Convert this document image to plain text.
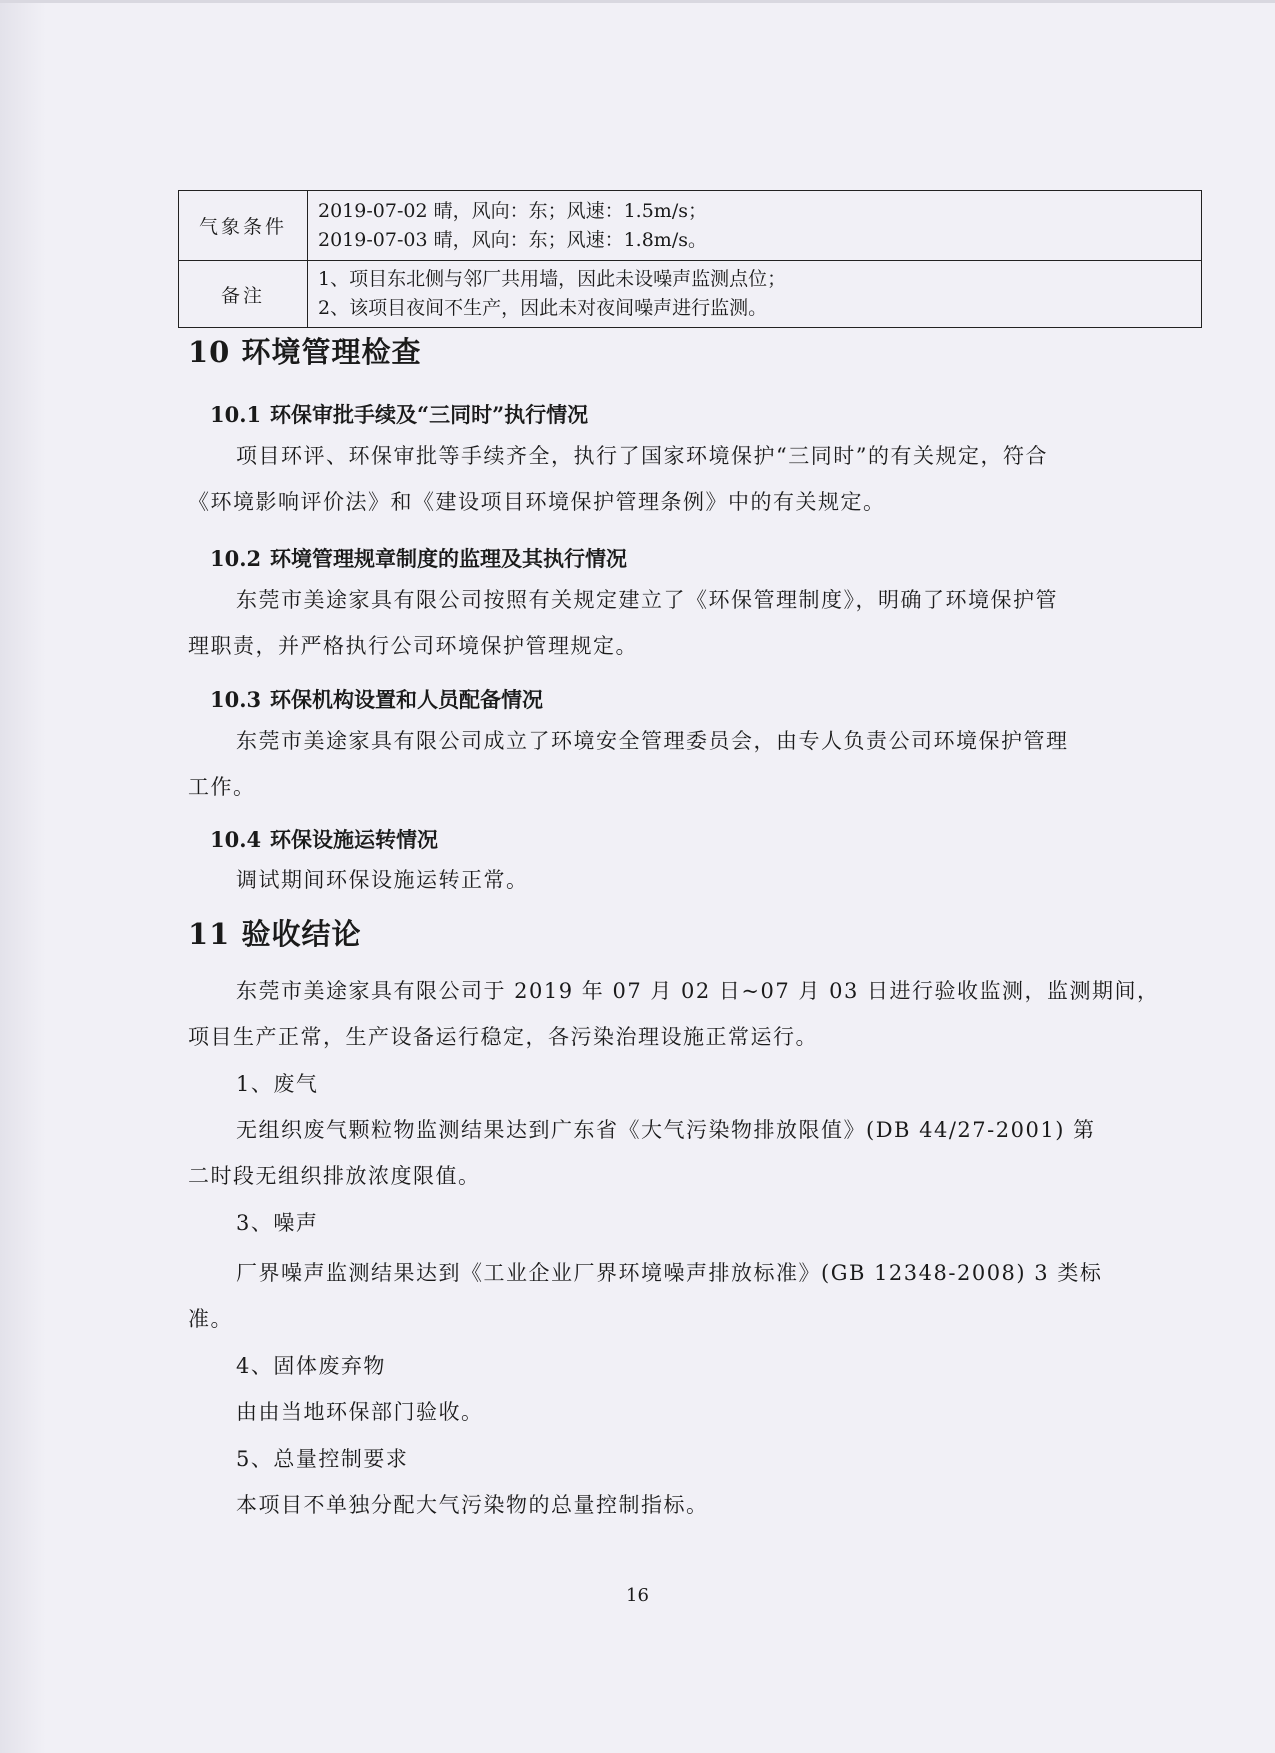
气象条件	2019-07-02 晴，风向：东；风速：1.5m/s；
2019-07-03 晴，风向：东；风速：1.8m/s。

备注	1、项目东北侧与邻厂共用墙，因此未设噪声监测点位；
2、该项目夜间不生产，因此未对夜间噪声进行监测。
10 环境管理检查
10.1 环保审批手续及“三同时”执行情况
项目环评、环保审批等手续齐全，执行了国家环境保护“三同时”的有关规定，符合
《环境影响评价法》和《建设项目环境保护管理条例》中的有关规定。
10.2 环境管理规章制度的监理及其执行情况
东莞市美途家具有限公司按照有关规定建立了《环保管理制度》，明确了环境保护管
理职责，并严格执行公司环境保护管理规定。
10.3 环保机构设置和人员配备情况
东莞市美途家具有限公司成立了环境安全管理委员会，由专人负责公司环境保护管理
工作。
10.4 环保设施运转情况
调试期间环保设施运转正常。
11 验收结论
东莞市美途家具有限公司于 2019 年 07 月 02 日~07 月 03 日进行验收监测，监测期间，
项目生产正常，生产设备运行稳定，各污染治理设施正常运行。
1、废气
无组织废气颗粒物监测结果达到广东省《大气污染物排放限值》(DB 44/27-2001) 第
二时段无组织排放浓度限值。
3、噪声
厂界噪声监测结果达到《工业企业厂界环境噪声排放标准》(GB 12348-2008) 3 类标
准。
4、固体废弃物
由由当地环保部门验收。
5、总量控制要求
本项目不单独分配大气污染物的总量控制指标。
16
